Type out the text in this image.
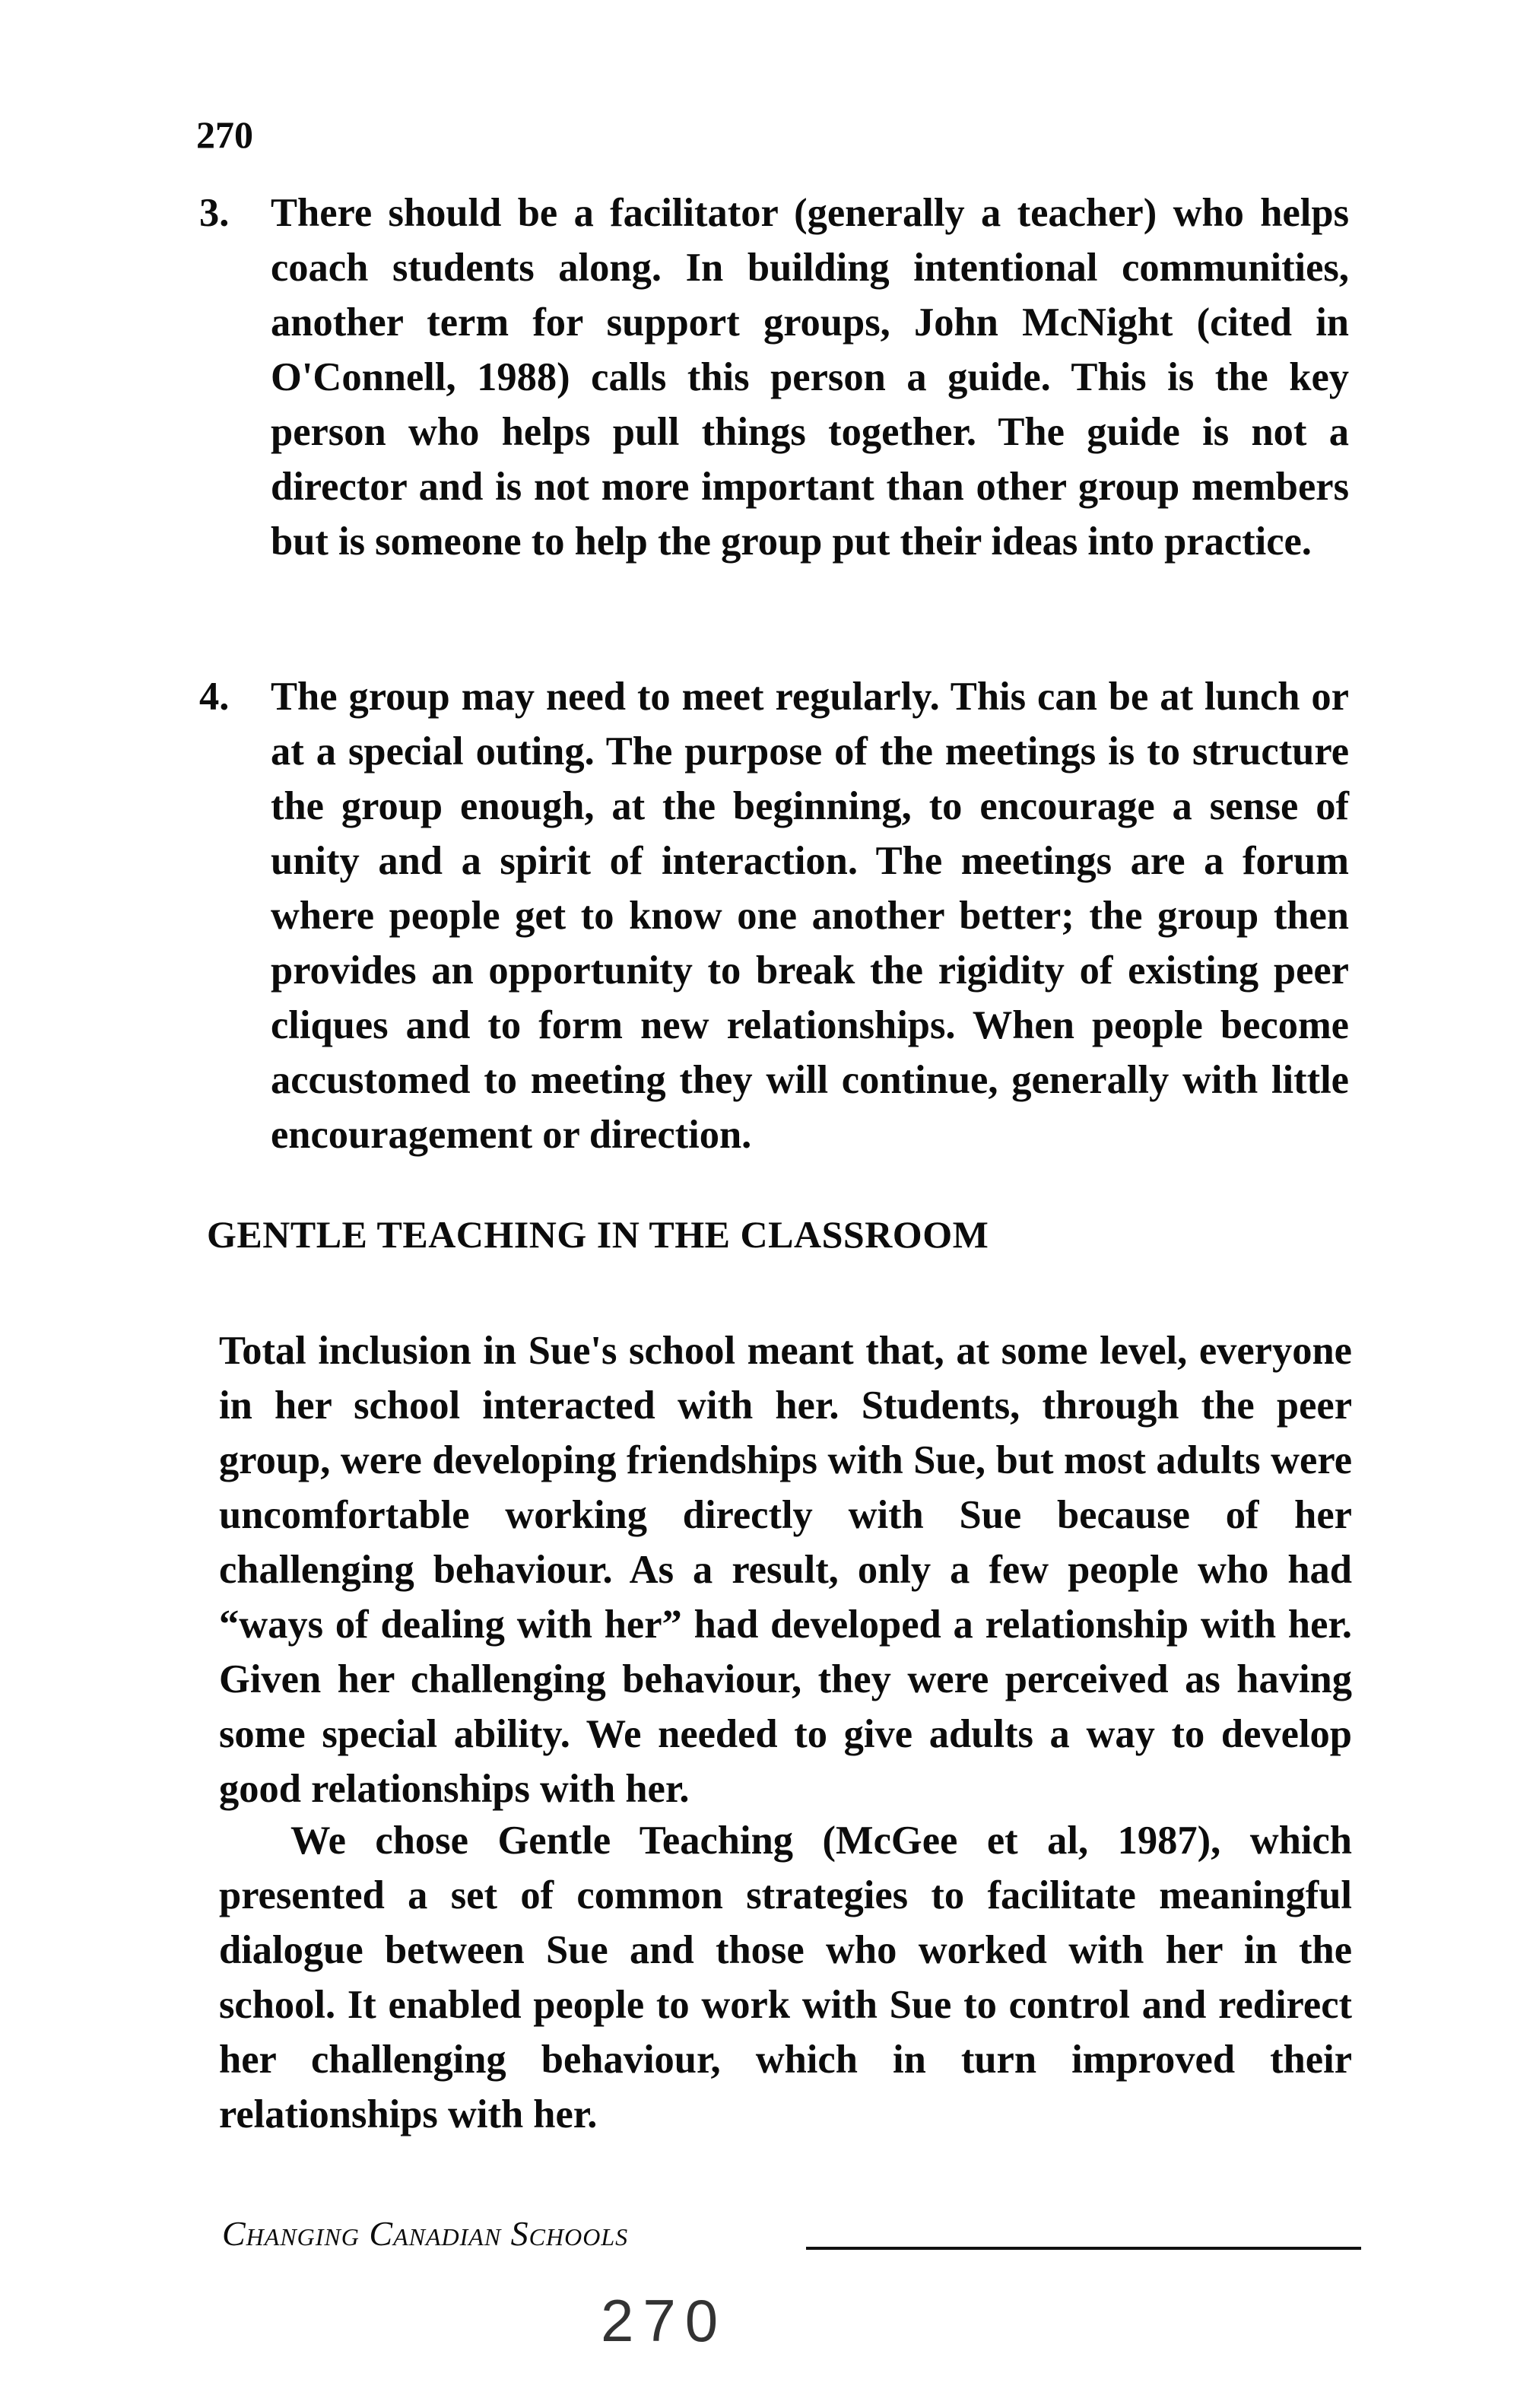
270
3. There should be a facilitator (generally a teacher) who helps coach students along. In building intentional communities, another term for support groups, John McNight (cited in O'Connell, 1988) calls this person a guide. This is the key person who helps pull things together. The guide is not a director and is not more important than other group members but is someone to help the group put their ideas into practice.
4. The group may need to meet regularly. This can be at lunch or at a special outing. The purpose of the meetings is to structure the group enough, at the beginning, to encourage a sense of unity and a spirit of interaction. The meetings are a forum where people get to know one another better; the group then provides an opportunity to break the rigidity of existing peer cliques and to form new relationships. When people become accustomed to meeting they will continue, generally with little encouragement or direction.
GENTLE TEACHING IN THE CLASSROOM

Total inclusion in Sue's school meant that, at some level, everyone in her school interacted with her. Students, through the peer group, were developing friendships with Sue, but most adults were uncomfortable working directly with Sue because of her challenging behaviour. As a result, only a few people who had “ways of dealing with her” had developed a relationship with her. Given her challenging behaviour, they were perceived as having some special ability. We needed to give adults a way to develop good relationships with her.

We chose Gentle Teaching (McGee et al, 1987), which presented a set of common strategies to facilitate meaningful dialogue between Sue and those who worked with her in the school. It enabled people to work with Sue to control and redirect her challenging behaviour, which in turn improved their relationships with her.

Changing Canadian Schools
270
